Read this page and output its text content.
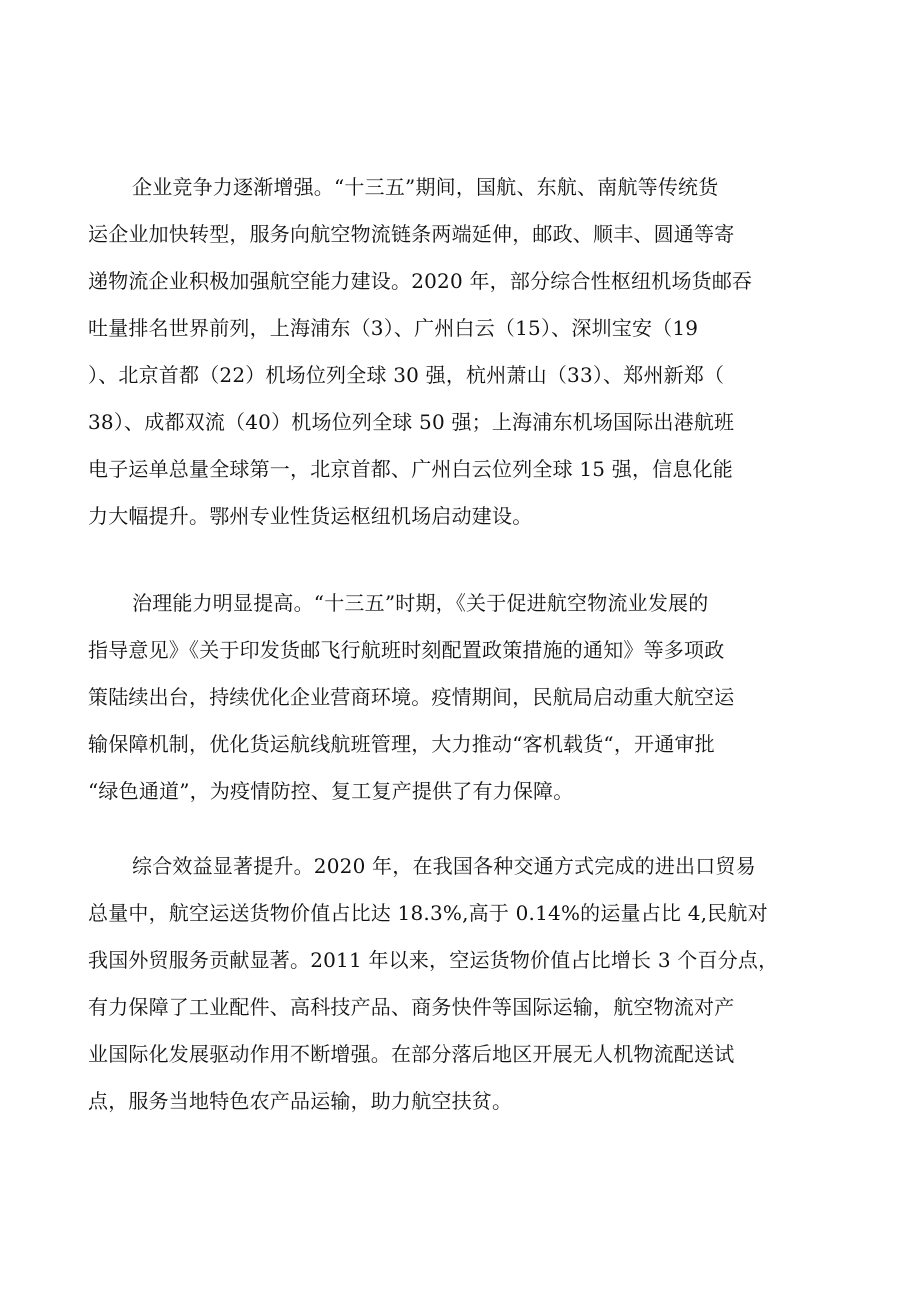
企业竞争力逐渐增强。“十三五”期间，国航、东航、南航等传统货
运企业加快转型，服务向航空物流链条两端延伸，邮政、顺丰、圆通等寄
递物流企业积极加强航空能力建设。2020 年，部分综合性枢纽机场货邮吞
吐量排名世界前列，上海浦东（3）、广州白云（15）、深圳宝安（19
）、北京首都（22）机场位列全球 30 强，杭州萧山（33）、郑州新郑（
38）、成都双流（40）机场位列全球 50 强；上海浦东机场国际出港航班
电子运单总量全球第一，北京首都、广州白云位列全球 15 强，信息化能
力大幅提升。鄂州专业性货运枢纽机场启动建设。
治理能力明显提高。“十三五”时期，《关于促进航空物流业发展的
指导意见》《关于印发货邮飞行航班时刻配置政策措施的通知》等多项政
策陆续出台，持续优化企业营商环境。疫情期间，民航局启动重大航空运
输保障机制，优化货运航线航班管理，大力推动“客机载货“，开通审批
“绿色通道”，为疫情防控、复工复产提供了有力保障。
综合效益显著提升。2020 年，在我国各种交通方式完成的进出口贸易
总量中，航空运送货物价值占比达 18.3%,高于 0.14%的运量占比 4,民航对
我国外贸服务贡献显著。2011 年以来，空运货物价值占比增长 3 个百分点，
有力保障了工业配件、高科技产品、商务快件等国际运输，航空物流对产
业国际化发展驱动作用不断增强。在部分落后地区开展无人机物流配送试
点，服务当地特色农产品运输，助力航空扶贫。
